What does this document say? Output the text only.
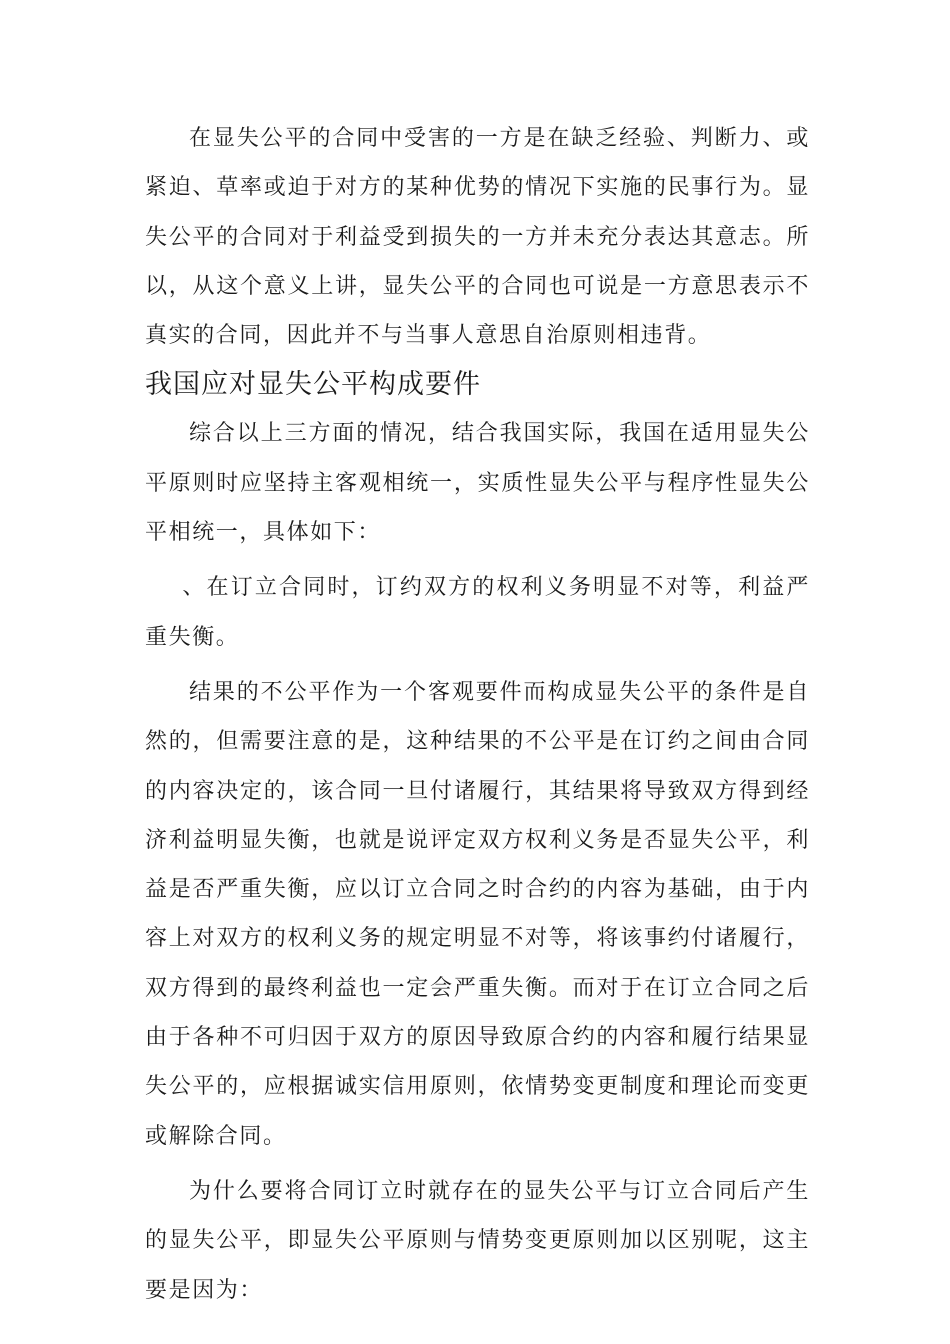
在显失公平的合同中受害的一方是在缺乏经验、判断力、或紧迫、草率或迫于对方的某种优势的情况下实施的民事行为。显失公平的合同对于利益受到损失的一方并未充分表达其意志。所以，从这个意义上讲，显失公平的合同也可说是一方意思表示不真实的合同，因此并不与当事人意思自治原则相违背。

我国应对显失公平构成要件

综合以上三方面的情况，结合我国实际，我国在适用显失公平原则时应坚持主客观相统一，实质性显失公平与程序性显失公平相统一，具体如下：

、在订立合同时，订约双方的权利义务明显不对等，利益严重失衡。

结果的不公平作为一个客观要件而构成显失公平的条件是自然的，但需要注意的是，这种结果的不公平是在订约之间由合同的内容决定的，该合同一旦付诸履行，其结果将导致双方得到经济利益明显失衡，也就是说评定双方权利义务是否显失公平，利益是否严重失衡，应以订立合同之时合约的内容为基础，由于内容上对双方的权利义务的规定明显不对等，将该事约付诸履行，双方得到的最终利益也一定会严重失衡。而对于在订立合同之后由于各种不可归因于双方的原因导致原合约的内容和履行结果显失公平的，应根据诚实信用原则，依情势变更制度和理论而变更或解除合同。

为什么要将合同订立时就存在的显失公平与订立合同后产生的显失公平，即显失公平原则与情势变更原则加以区别呢，这主要是因为：
